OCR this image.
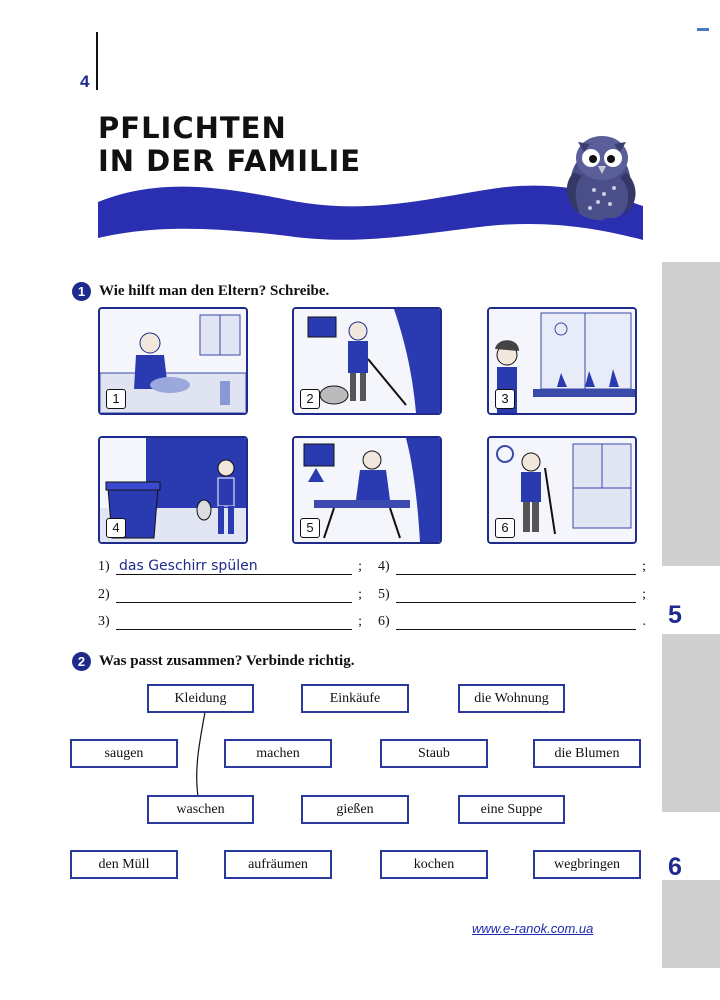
4
PFLICHTEN
IN DER FAMILIE
5
6
1 Wie hilft man den Eltern? Schreibe.
1	2	3
4	5	6
1) das Geschirr spülen	;
2)	;
3)	;
4)	;
5)	;
6)	.
2 Was passt zusammen? Verbinde richtig.
Kleidung	Einkäufe	die Wohnung
saugen	machen	Staub	die Blumen
waschen	gießen	eine Suppe
den Müll	aufräumen	kochen	wegbringen
www.e-ranok.com.ua
